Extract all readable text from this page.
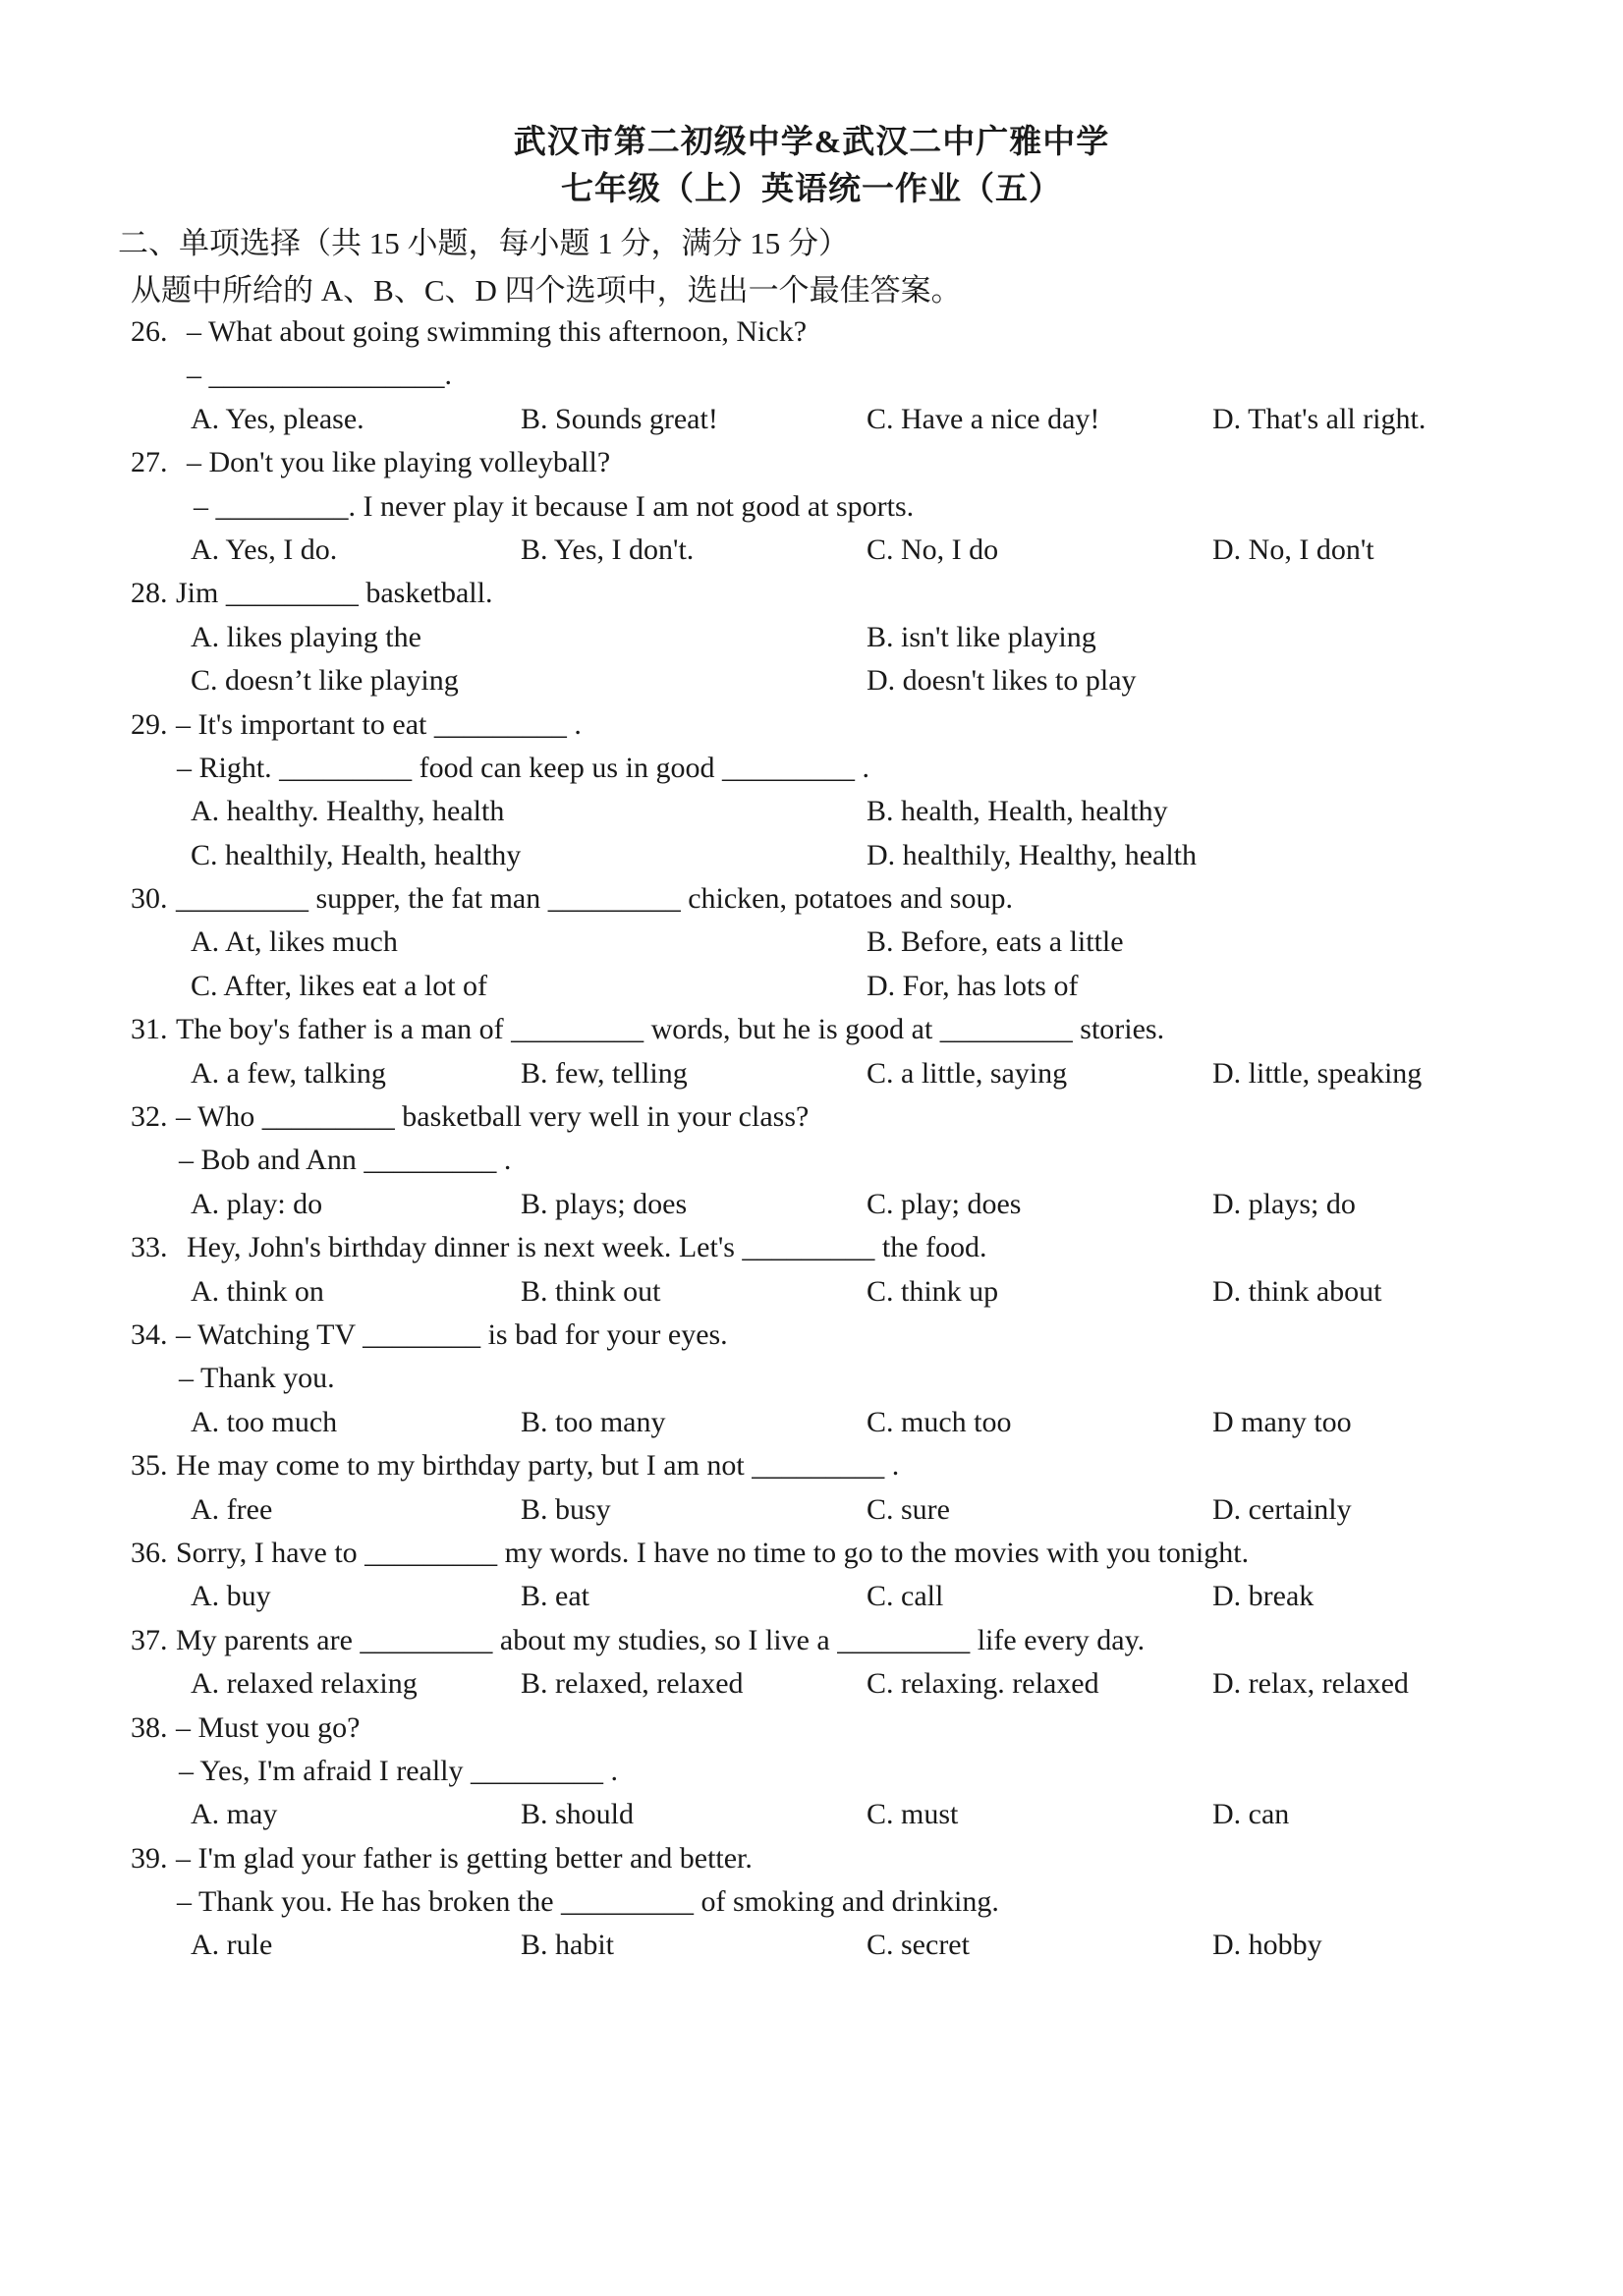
武汉市第二初级中学&武汉二中广雅中学
七年级（上）英语统一作业（五）
二、单项选择（共 15 小题，每小题 1 分，满分 15 分）
从题中所给的 A、B、C、D 四个选项中，选出一个最佳答案。
26. – What about going swimming this afternoon, Nick?
– ________________.
A. Yes, please.	B. Sounds great!	C. Have a nice day!	D. That's all right.
27. – Don't you like playing volleyball?
– _________. I never play it because I am not good at sports.
A. Yes, I do.	B. Yes, I don't.	C. No, I do	D. No, I don't
28. Jim _________ basketball.
A. likes playing the	B. isn't like playing
C. doesn’t like playing	D. doesn't likes to play
29. – It's important to eat _________ .
– Right. _________ food can keep us in good _________ .
A. healthy. Healthy, health	B. health, Health, healthy
C. healthily, Health, healthy	D. healthily, Healthy, health
30. _________ supper, the fat man _________ chicken, potatoes and soup.
A. At, likes much	B. Before, eats a little
C. After, likes eat a lot of	D. For, has lots of
31. The boy's father is a man of _________ words, but he is good at _________ stories.
A. a few, talking	B. few, telling	C. a little, saying	D. little, speaking
32. – Who _________ basketball very well in your class?
– Bob and Ann _________ .
A. play: do	B. plays; does	C. play; does	D. plays; do
33. Hey, John's birthday dinner is next week. Let's _________ the food.
A. think on	B. think out	C. think up	D. think about
34. – Watching TV ________ is bad for your eyes.
– Thank you.
A. too much	B. too many	C. much too	D many too
35. He may come to my birthday party, but I am not _________ .
A. free	B. busy	C. sure	D. certainly
36. Sorry, I have to _________ my words. I have no time to go to the movies with you tonight.
A. buy	B. eat	C. call	D. break
37. My parents are _________ about my studies, so I live a _________ life every day.
A. relaxed relaxing	B. relaxed, relaxed	C. relaxing. relaxed	D. relax, relaxed
38. – Must you go?
– Yes, I'm afraid I really _________ .
A. may	B. should	C. must	D. can
39. – I'm glad your father is getting better and better.
– Thank you. He has broken the _________ of smoking and drinking.
A. rule	B. habit	C. secret	D. hobby
